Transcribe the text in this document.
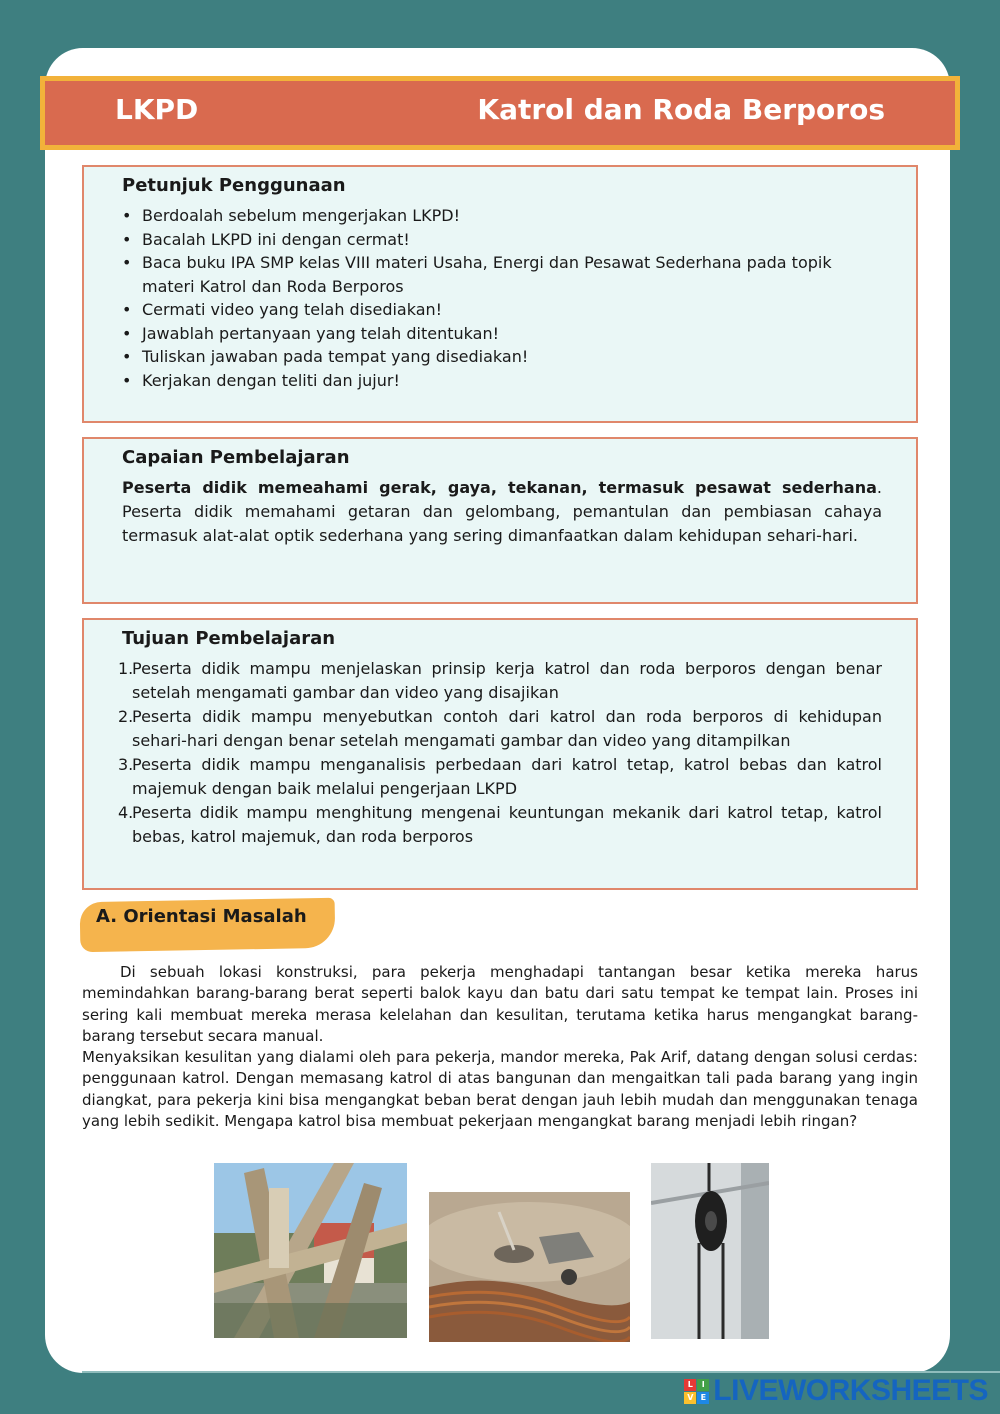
LKPD	Katrol dan Roda Berporos
Petunjuk Penggunaan
• Berdoalah sebelum mengerjakan LKPD!
• Bacalah LKPD ini dengan cermat!
• Baca buku IPA SMP kelas VIII materi Usaha, Energi dan Pesawat Sederhana pada topik materi Katrol dan Roda Berporos
• Cermati video yang telah disediakan!
• Jawablah pertanyaan yang telah ditentukan!
• Tuliskan jawaban pada tempat yang disediakan!
• Kerjakan dengan teliti dan jujur!
Capaian Pembelajaran

Peserta didik memeahami gerak, gaya, tekanan, termasuk pesawat sederhana. Peserta didik memahami getaran dan gelombang, pemantulan dan pembiasan cahaya termasuk alat-alat optik sederhana yang sering dimanfaatkan dalam kehidupan sehari-hari.

Tujuan Pembelajaran
1.
Peserta didik mampu menjelaskan prinsip kerja katrol dan roda berporos dengan benar setelah mengamati gambar dan video yang disajikan
2.
Peserta didik mampu menyebutkan contoh dari katrol dan roda berporos di kehidupan sehari-hari dengan benar setelah mengamati gambar dan video yang ditampilkan
3.
Peserta didik mampu menganalisis perbedaan dari katrol tetap, katrol bebas dan katrol majemuk dengan baik melalui pengerjaan LKPD
4.
Peserta didik mampu menghitung mengenai keuntungan mekanik dari katrol tetap, katrol bebas, katrol majemuk, dan roda berporos
A. Orientasi Masalah
Di sebuah lokasi konstruksi, para pekerja menghadapi tantangan besar ketika mereka harus memindahkan barang-barang berat seperti balok kayu dan batu dari satu tempat ke tempat lain. Proses ini sering kali membuat mereka merasa kelelahan dan kesulitan, terutama ketika harus mengangkat barang-barang tersebut secara manual.
Menyaksikan kesulitan yang dialami oleh para pekerja, mandor mereka, Pak Arif, datang dengan solusi cerdas: penggunaan katrol. Dengan memasang katrol di atas bangunan dan mengaitkan tali pada barang yang ingin diangkat, para pekerja kini bisa mengangkat beban berat dengan jauh lebih mudah dan menggunakan tenaga yang lebih sedikit. Mengapa katrol bisa membuat pekerjaan mengangkat barang menjadi lebih ringan?
L	I
V E LIVEWORKSHEETS
